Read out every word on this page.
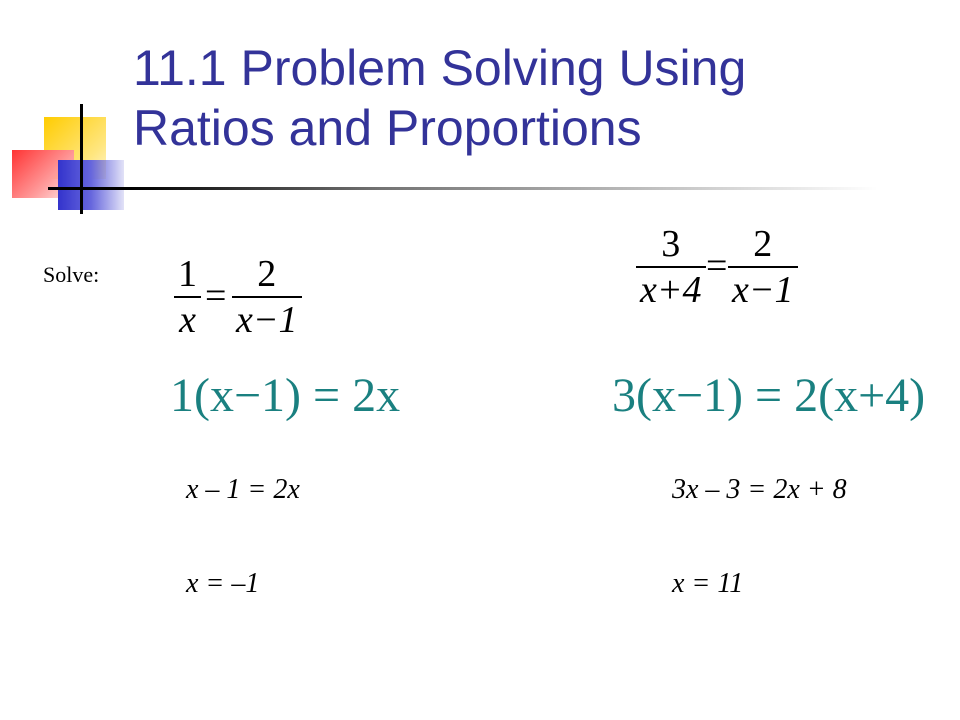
11.1 Problem Solving Using
Ratios and Proportions
Solve: 1
x
=
2
x−1
3
x+4
=
2
x−1
1(x−1) = 2x	3(x−1) = 2(x+4)
x – 1 = 2x
x = –1
3x – 3 = 2x + 8
x = 11
